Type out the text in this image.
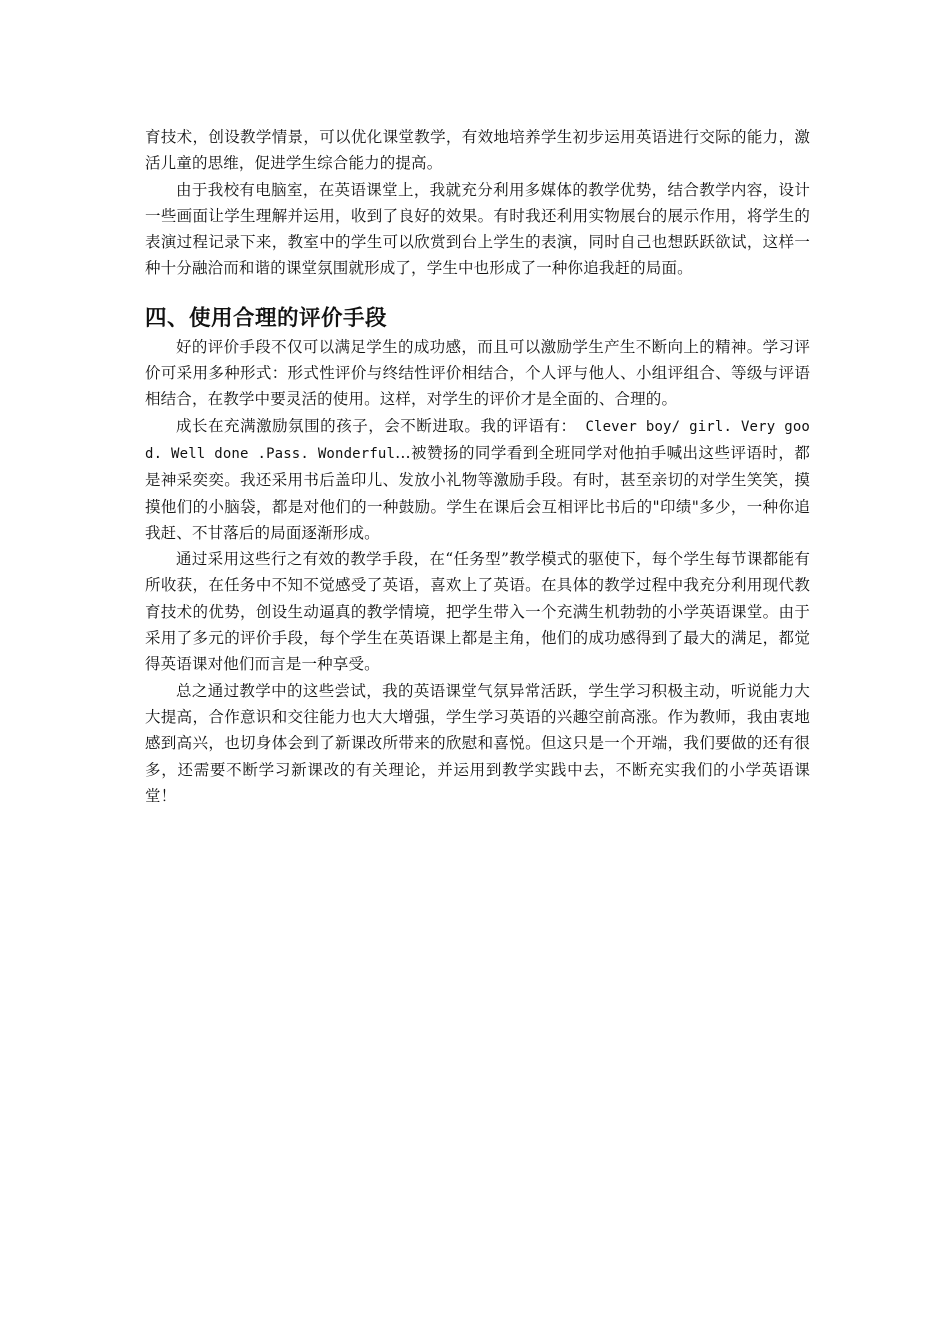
育技术，创设教学情景，可以优化课堂教学，有效地培养学生初步运用英语进行交际的能力，激活儿童的思维，促进学生综合能力的提高。

由于我校有电脑室，在英语课堂上，我就充分利用多媒体的教学优势，结合教学内容，设计一些画面让学生理解并运用，收到了良好的效果。有时我还利用实物展台的展示作用，将学生的表演过程记录下来，教室中的学生可以欣赏到台上学生的表演，同时自己也想跃跃欲试，这样一种十分融洽而和谐的课堂氛围就形成了，学生中也形成了一种你追我赶的局面。

四、使用合理的评价手段

好的评价手段不仅可以满足学生的成功感，而且可以激励学生产生不断向上的精神。学习评价可采用多种形式：形式性评价与终结性评价相结合，个人评与他人、小组评组合、等级与评语相结合，在教学中要灵活的使用。这样，对学生的评价才是全面的、合理的。

成长在充满激励氛围的孩子，会不断进取。我的评语有： Clever boy/ girl. Very good. Well done .Pass. Wonderful…被赞扬的同学看到全班同学对他拍手喊出这些评语时，都是神采奕奕。我还采用书后盖印儿、发放小礼物等激励手段。有时，甚至亲切的对学生笑笑，摸摸他们的小脑袋，都是对他们的一种鼓励。学生在课后会互相评比书后的"印绩"多少，一种你追我赶、不甘落后的局面逐渐形成。

通过采用这些行之有效的教学手段，在“任务型”教学模式的驱使下，每个学生每节课都能有所收获，在任务中不知不觉感受了英语，喜欢上了英语。在具体的教学过程中我充分利用现代教育技术的优势，创设生动逼真的教学情境，把学生带入一个充满生机勃勃的小学英语课堂。由于采用了多元的评价手段，每个学生在英语课上都是主角，他们的成功感得到了最大的满足，都觉得英语课对他们而言是一种享受。

总之通过教学中的这些尝试，我的英语课堂气氛异常活跃，学生学习积极主动，听说能力大大提高，合作意识和交往能力也大大增强，学生学习英语的兴趣空前高涨。作为教师，我由衷地感到高兴，也切身体会到了新课改所带来的欣慰和喜悦。但这只是一个开端，我们要做的还有很多，还需要不断学习新课改的有关理论，并运用到教学实践中去，不断充实我们的小学英语课堂！
